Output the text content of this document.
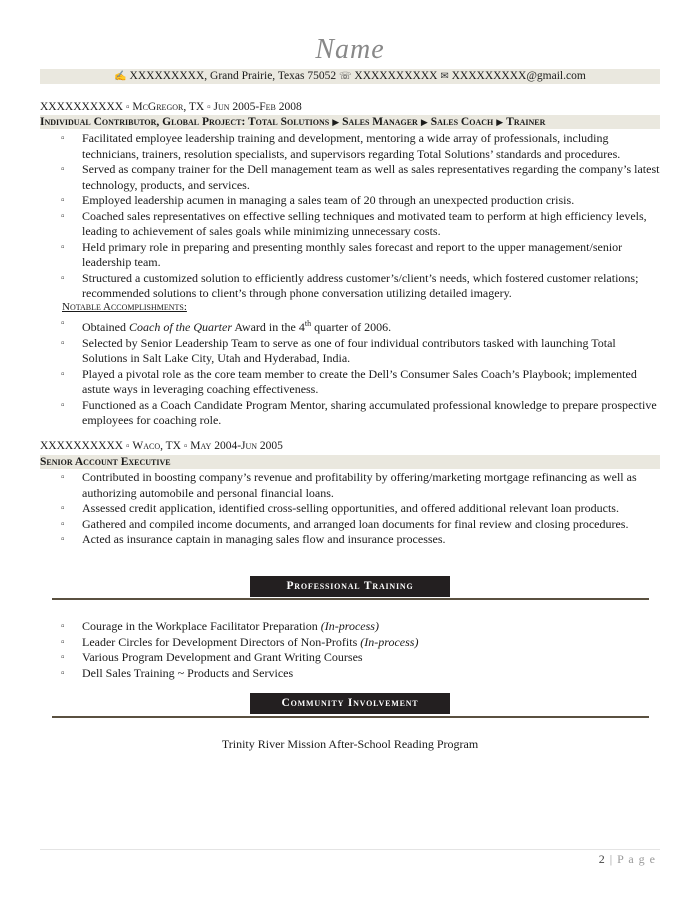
Name
✍ XXXXXXXXX, Grand Prairie, Texas 75052 ☏ XXXXXXXXXX ✉ XXXXXXXXX@gmail.com
XXXXXXXXXX ▫ McGregor, TX ▫ Jun 2005-Feb 2008
Individual Contributor, Global Project: Total Solutions ▶ Sales Manager ▶ Sales Coach ▶ Trainer
▫ Facilitated employee leadership training and development, mentoring a wide array of professionals, including technicians, trainers, resolution specialists, and supervisors regarding Total Solutions’ standards and procedures.
▫ Served as company trainer for the Dell management team as well as sales representatives regarding the company’s latest technology, products, and services.
▫ Employed leadership acumen in managing a sales team of 20 through an unexpected production crisis.
▫ Coached sales representatives on effective selling techniques and motivated team to perform at high efficiency levels, leading to achievement of sales goals while minimizing unnecessary costs.
▫ Held primary role in preparing and presenting monthly sales forecast and report to the upper management/senior leadership team.
▫ Structured a customized solution to efficiently address customer’s/client’s needs, which fostered customer relations; recommended solutions to client’s through phone conversation utilizing detailed imagery.
Notable Accomplishments:
▫ Obtained Coach of the Quarter Award in the 4th quarter of 2006.
▫ Selected by Senior Leadership Team to serve as one of four individual contributors tasked with launching Total Solutions in Salt Lake City, Utah and Hyderabad, India.
▫ Played a pivotal role as the core team member to create the Dell’s Consumer Sales Coach’s Playbook; implemented astute ways in leveraging coaching effectiveness.
▫ Functioned as a Coach Candidate Program Mentor, sharing accumulated professional knowledge to prepare prospective employees for coaching role.
XXXXXXXXXX ▫ Waco, TX ▫ May 2004-Jun 2005
Senior Account Executive
▫ Contributed in boosting company’s revenue and profitability by offering/marketing mortgage refinancing as well as authorizing automobile and personal financial loans.
▫ Assessed credit application, identified cross-selling opportunities, and offered additional relevant loan products.
▫ Gathered and compiled income documents, and arranged loan documents for final review and closing procedures.
▫ Acted as insurance captain in managing sales flow and insurance processes.
Professional Training
▫ Courage in the Workplace Facilitator Preparation (In-process)
▫ Leader Circles for Development Directors of Non-Profits (In-process)
▫ Various Program Development and Grant Writing Courses
▫ Dell Sales Training ~ Products and Services
Community Involvement
Trinity River Mission After-School Reading Program
2 | P a g e
